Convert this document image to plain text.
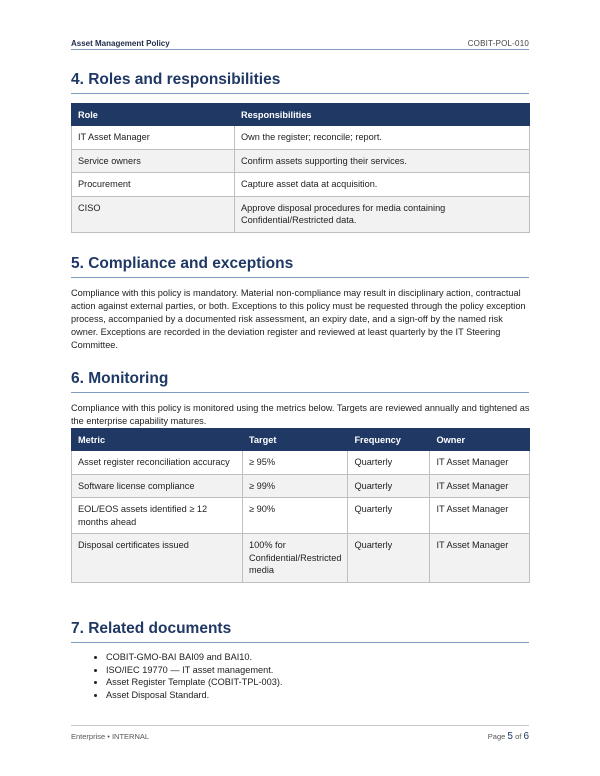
Asset Management Policy	COBIT-POL-010
4. Roles and responsibilities
Role	Responsibilities
IT Asset Manager	Own the register; reconcile; report.
Service owners	Confirm assets supporting their services.
Procurement	Capture asset data at acquisition.
CISO	Approve disposal procedures for media containing Confidential/Restricted data.
5. Compliance and exceptions

Compliance with this policy is mandatory. Material non-compliance may result in disciplinary action, contractual action against external parties, or both. Exceptions to this policy must be requested through the policy exception process, accompanied by a documented risk assessment, an expiry date, and a sign-off by the named risk owner. Exceptions are recorded in the deviation register and reviewed at least quarterly by the IT Steering Committee.

6. Monitoring

Compliance with this policy is monitored using the metrics below. Targets are reviewed annually and tightened as the enterprise capability matures.

Metric	Target	Frequency	Owner
Asset register reconciliation accuracy	≥ 95%	Quarterly	IT Asset Manager
Software license compliance	≥ 99%	Quarterly	IT Asset Manager
EOL/EOS assets identified ≥ 12 months ahead	≥ 90%	Quarterly	IT Asset Manager
Disposal certificates issued	100% for Confidential/Restricted media	Quarterly	IT Asset Manager
7. Related documents
• COBIT-GMO-BAI BAI09 and BAI10.
• ISO/IEC 19770 — IT asset management.
• Asset Register Template (COBIT-TPL-003).
• Asset Disposal Standard.
Enterprise • INTERNAL	Page 5 of 6
